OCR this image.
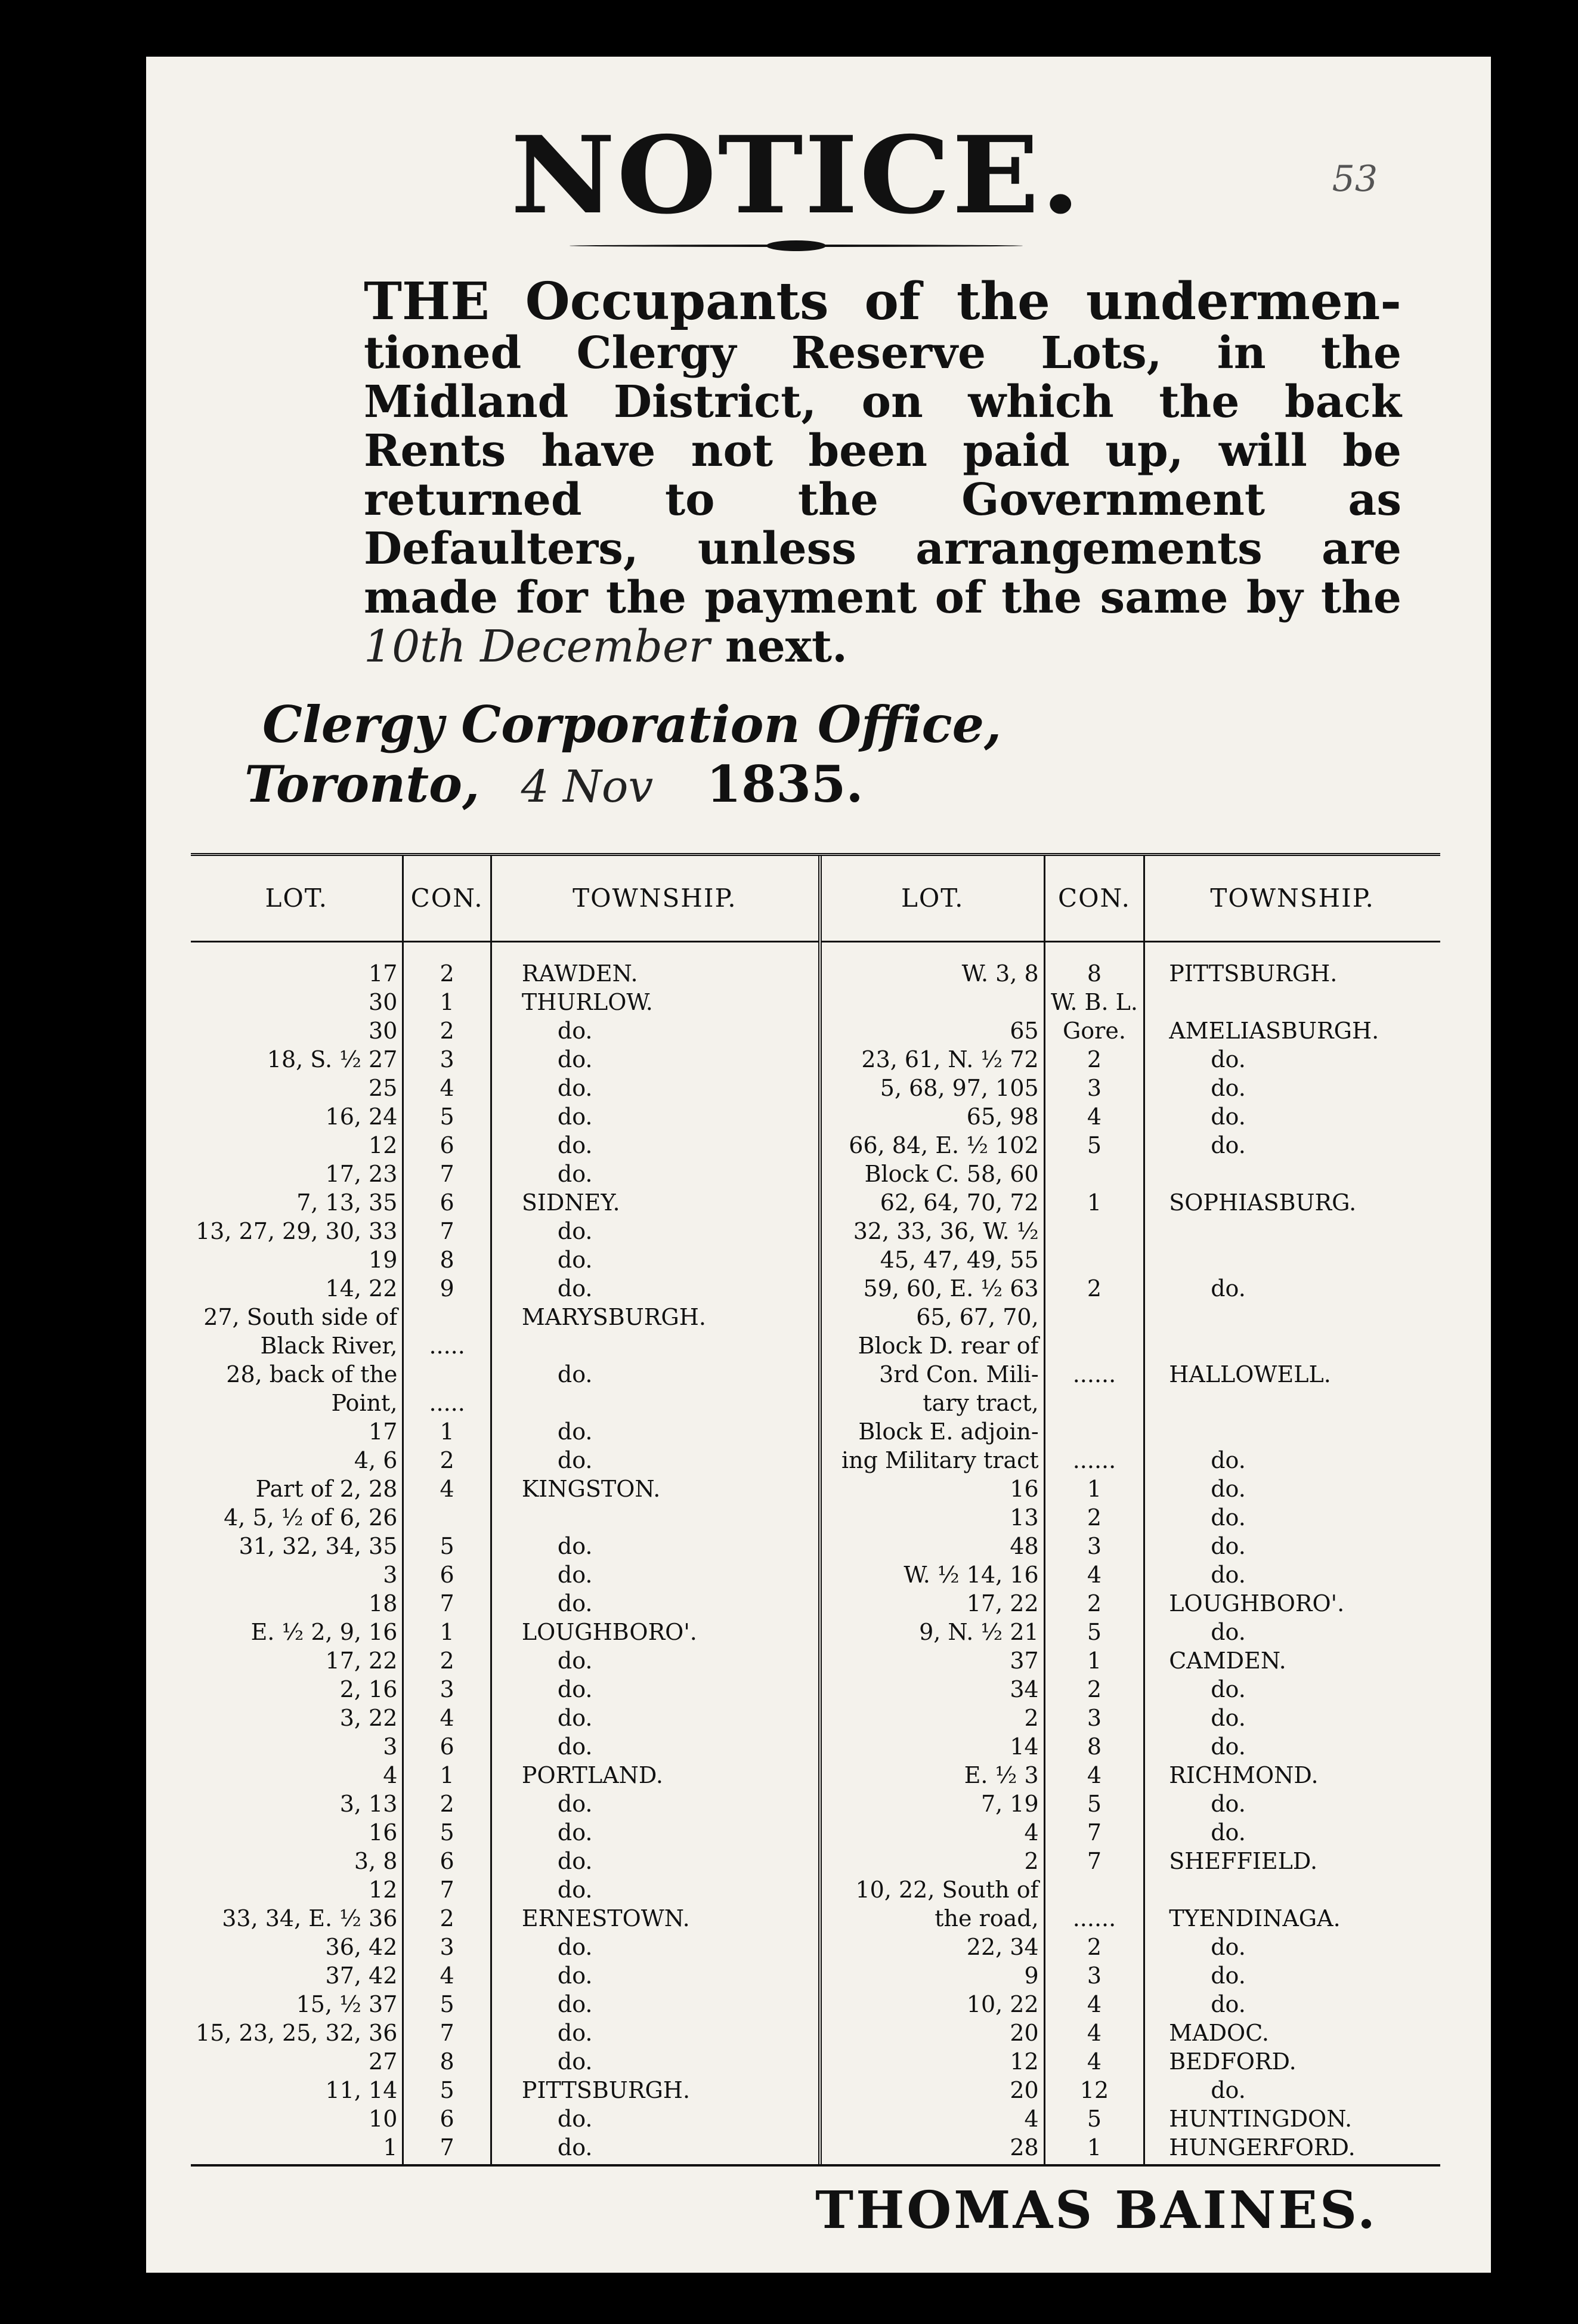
53
NOTICE.
THE Occupants of the undermen- tioned Clergy Reserve Lots, in the Midland District, on which the back Rents have not been paid up, will be returned to the Government as Defaulters, unless arrangements are made for the payment of the same by the 10th December next.
Clergy Corporation Office,
Toronto, 4 Nov 1835.
LOT.	CON.	TOWNSHIP.	LOT.	CON.	TOWNSHIP.
17	2	RAWDEN.	W. 3, 8	8	PITTSBURGH.
30	1	THURLOW.		W. B. L.	
30	2	do.	65	Gore.	AMELIASBURGH.
18, S. ½ 27	3	do.	23, 61, N. ½ 72	2	do.
25	4	do.	5, 68, 97, 105	3	do.
16, 24	5	do.	65, 98	4	do.
12	6	do.	66, 84, E. ½ 102	5	do.
17, 23	7	do.	Block C. 58, 60		
7, 13, 35	6	SIDNEY.	62, 64, 70, 72	1	SOPHIASBURG.
13, 27, 29, 30, 33	7	do.	32, 33, 36, W. ½		
19	8	do.	45, 47, 49, 55		
14, 22	9	do.	59, 60, E. ½ 63	2	do.
27, South side of		MARYSBURGH.	65, 67, 70,		
Black River,	.....		Block D. rear of		
28, back of the		do.	3rd Con. Mili-	......	HALLOWELL.
Point,	.....		tary tract,		
17	1	do.	Block E. adjoin-		
4, 6	2	do.	ing Military tract	......	do.
Part of 2, 28	4	KINGSTON.	16	1	do.
4, 5, ½ of 6, 26			13	2	do.
31, 32, 34, 35	5	do.	48	3	do.
3	6	do.	W. ½ 14, 16	4	do.
18	7	do.	17, 22	2	LOUGHBORO'.
E. ½ 2, 9, 16	1	LOUGHBORO'.	9, N. ½ 21	5	do.
17, 22	2	do.	37	1	CAMDEN.
2, 16	3	do.	34	2	do.
3, 22	4	do.	2	3	do.
3	6	do.	14	8	do.
4	1	PORTLAND.	E. ½ 3	4	RICHMOND.
3, 13	2	do.	7, 19	5	do.
16	5	do.	4	7	do.
3, 8	6	do.	2	7	SHEFFIELD.
12	7	do.	10, 22, South of		
33, 34, E. ½ 36	2	ERNESTOWN.	the road,	......	TYENDINAGA.
36, 42	3	do.	22, 34	2	do.
37, 42	4	do.	9	3	do.
15, ½ 37	5	do.	10, 22	4	do.
15, 23, 25, 32, 36	7	do.	20	4	MADOC.
27	8	do.	12	4	BEDFORD.
11, 14	5	PITTSBURGH.	20	12	do.
10	6	do.	4	5	HUNTINGDON.
1	7	do.	28	1	HUNGERFORD.
THOMAS BAINES.
